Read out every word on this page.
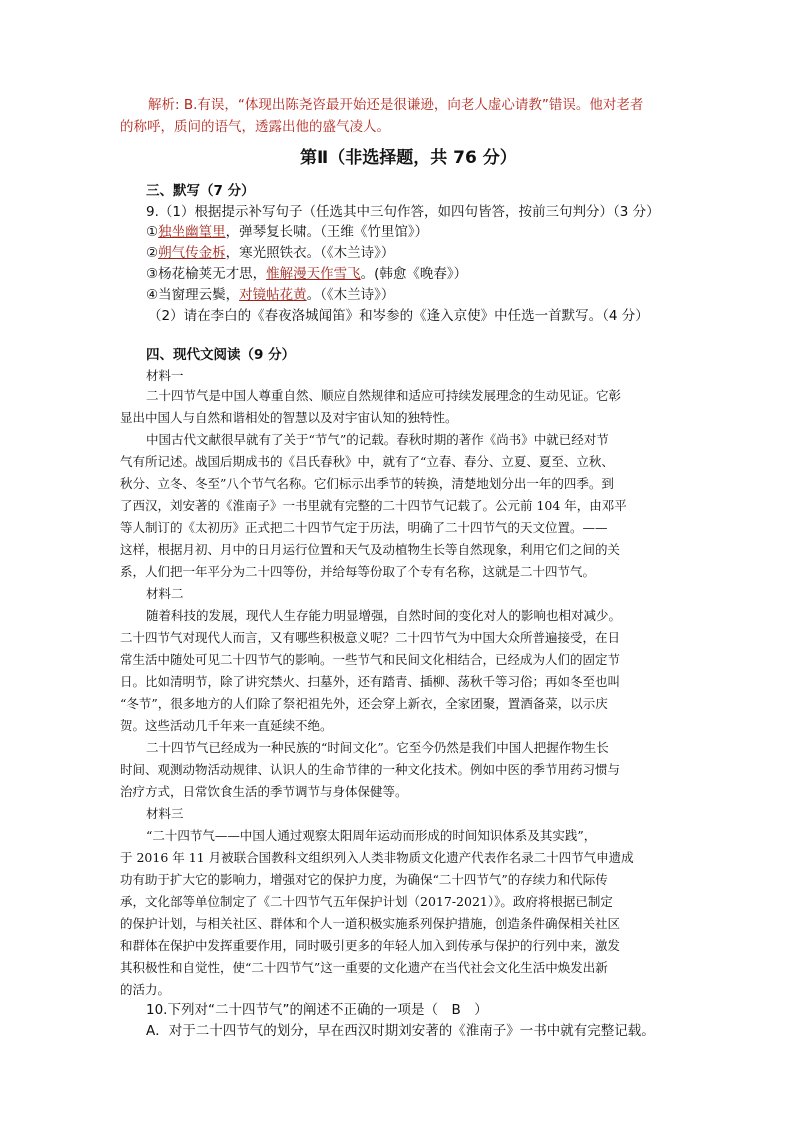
解析: B.有误，“体现出陈尧咨最开始还是很谦逊，向老人虚心请教”错误。他对老者
的称呼，质问的语气，透露出他的盛气凌人。
第Ⅱ（非选择题，共 76 分）
三、默写（7 分）
9.（1）根据提示补写句子（任选其中三句作答，如四句皆答，按前三句判分）（3 分）
①独坐幽篁里，弹琴复长啸。（王维《竹里馆》）
②朔气传金柝，寒光照铁衣。（《木兰诗》）
③杨花榆荚无才思，惟解漫天作雪飞。(韩愈《晚春》）
④当窗理云鬓，对镜帖花黄。（《木兰诗》）
（2）请在李白的《春夜洛城闻笛》和岑参的《逢入京使》中任选一首默写。（4 分）
四、现代文阅读（9 分）
材料一
二十四节气是中国人尊重自然、顺应自然规律和适应可持续发展理念的生动见证。它彰
显出中国人与自然和谐相处的智慧以及对宇宙认知的独特性。
中国古代文献很早就有了关于“节气”的记载。春秋时期的著作《尚书》中就已经对节
气有所记述。战国后期成书的《吕氏春秋》中，就有了“立春、春分、立夏、夏至、立秋、
秋分、立冬、冬至”八个节气名称。它们标示出季节的转换，清楚地划分出一年的四季。到
了西汉，刘安著的《淮南子》一书里就有完整的二十四节气记载了。公元前 104 年，由邓平
等人制订的《太初历》正式把二十四节气定于历法，明确了二十四节气的天文位置。——
这样，根据月初、月中的日月运行位置和天气及动植物生长等自然现象，利用它们之间的关
系，人们把一年平分为二十四等份，并给每等份取了个专有名称，这就是二十四节气。
材料二
随着科技的发展，现代人生存能力明显增强，自然时间的变化对人的影响也相对减少。
二十四节气对现代人而言，又有哪些积极意义呢？二十四节气为中国大众所普遍接受，在日
常生活中随处可见二十四节气的影响。一些节气和民间文化相结合，已经成为人们的固定节
日。比如清明节，除了讲究禁火、扫墓外，还有踏青、插柳、荡秋千等习俗；再如冬至也叫
“冬节”，很多地方的人们除了祭祀祖先外，还会穿上新衣，全家团聚，置酒备菜，以示庆
贺。这些活动几千年来一直延续不绝。
二十四节气已经成为一种民族的“时间文化”。它至今仍然是我们中国人把握作物生长
时间、观测动物活动规律、认识人的生命节律的一种文化技术。例如中医的季节用药习惯与
治疗方式，日常饮食生活的季节调节与身体保健等。
材料三
“二十四节气——中国人通过观察太阳周年运动而形成的时间知识体系及其实践”，
于 2016 年 11 月被联合国教科文组织列入人类非物质文化遗产代表作名录二十四节气申遗成
功有助于扩大它的影响力，增强对它的保护力度，为确保“二十四节气”的存续力和代际传
承，文化部等单位制定了《二十四节气五年保护计划（2017-2021）》。政府将根据已制定
的保护计划，与相关社区、群体和个人一道积极实施系列保护措施，创造条件确保相关社区
和群体在保护中发挥重要作用，同时吸引更多的年轻人加入到传承与保护的行列中来，激发
其积极性和自觉性，使“二十四节气”这一重要的文化遗产在当代社会文化生活中焕发出新
的活力。
10.下列对“二十四节气”的阐述不正确的一项是（　B　）
A．对于二十四节气的划分，早在西汉时期刘安著的《淮南子》一书中就有完整记载。
